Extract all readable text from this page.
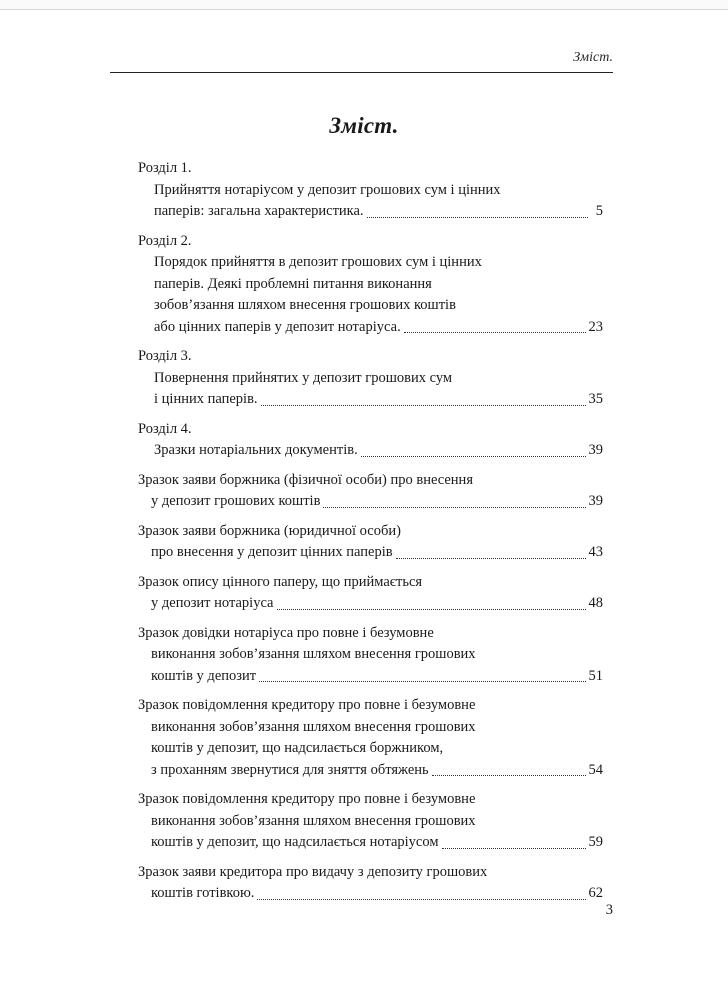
Зміст.
Зміст.
Розділ 1.
Прийняття нотаріусом у депозит грошових сум і цінних
паперів: загальна характеристика.	5
Розділ 2.
Порядок прийняття в депозит грошових сум і цінних
паперів. Деякі проблемні питання виконання
зобов’язання шляхом внесення грошових коштів
або цінних паперів у депозит нотаріуса.	23
Розділ 3.
Повернення прийнятих у депозит грошових сум
і цінних паперів.	35
Розділ 4.
Зразки нотаріальних документів.	39
Зразок заяви боржника (фізичної особи) про внесення
у депозит грошових коштів	39
Зразок заяви боржника (юридичної особи)
про внесення у депозит цінних паперів	43
Зразок опису цінного паперу, що приймається
у депозит нотаріуса	48
Зразок довідки нотаріуса про повне і безумовне
виконання зобов’язання шляхом внесення грошових
коштів у депозит	51
Зразок повідомлення кредитору про повне і безумовне
виконання зобов’язання шляхом внесення грошових
коштів у депозит, що надсилається боржником,
з проханням звернутися для зняття обтяжень	54
Зразок повідомлення кредитору про повне і безумовне
виконання зобов’язання шляхом внесення грошових
коштів у депозит, що надсилається нотаріусом	59
Зразок заяви кредитора про видачу з депозиту грошових
коштів готівкою.	62
3
